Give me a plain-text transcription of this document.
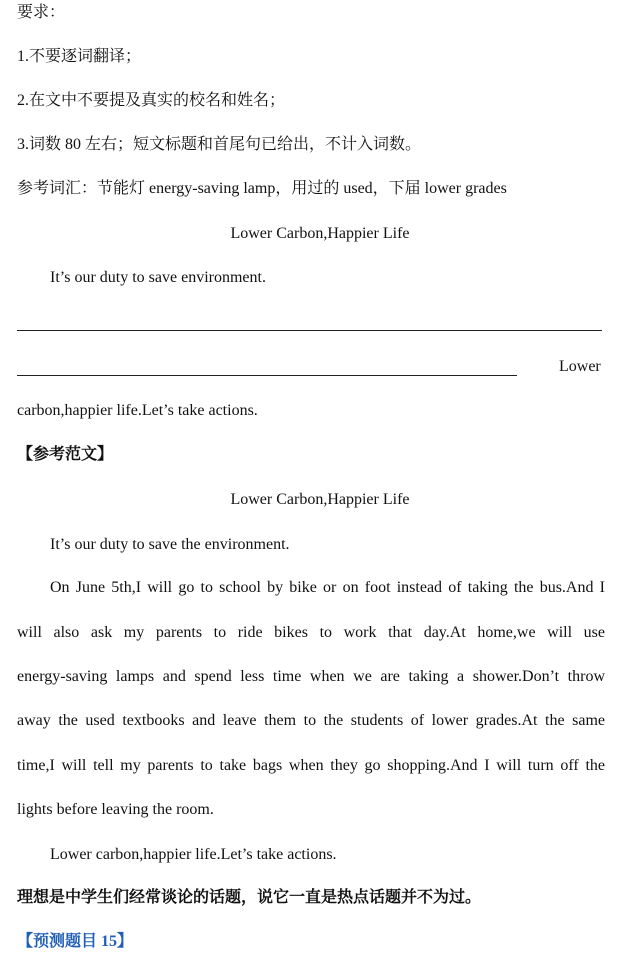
要求：
1.不要逐词翻译；
2.在文中不要提及真实的校名和姓名；
3.词数 80 左右；短文标题和首尾句已给出，不计入词数。
参考词汇：节能灯 energy-saving lamp，用过的 used，下届 lower grades
Lower Carbon,Happier Life
It’s our duty to save environment.
Lower
carbon,happier life.Let’s take actions.
【参考范文】
Lower Carbon,Happier Life
It’s our duty to save the environment.
On June 5th,I will go to school by bike or on foot instead of taking the bus.And I
will also ask my parents to ride bikes to work that day.At home,we will use
energy-saving lamps and spend less time when we are taking a shower.Don’t throw
away the used textbooks and leave them to the students of lower grades.At the same
time,I will tell my parents to take bags when they go shopping.And I will turn off the
lights before leaving the room.
Lower carbon,happier life.Let’s take actions.
理想是中学生们经常谈论的话题，说它一直是热点话题并不为过。
【预测题目 15】
